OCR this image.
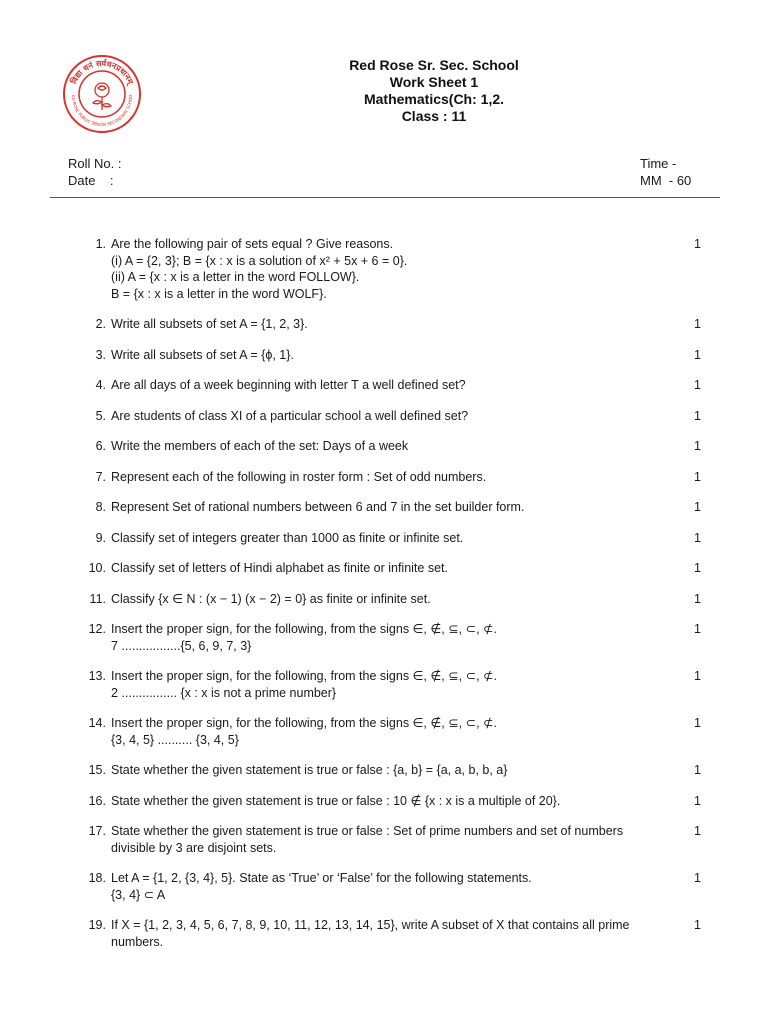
विद्या धनं सर्वधनप्रधानम्
ED ROSE PUBLIC SENIOR SECONDARY SCHOO
Red Rose Sr. Sec. School
Work Sheet 1
Mathematics(Ch: 1,2.
Class : 11
Roll No. :
Date    :
Time -
MM  - 60
1. Are the following pair of sets equal ? Give reasons.
(i) A = {2, 3}; B = {x : x is a solution of x² + 5x + 6 = 0}.
(ii) A = {x : x is a letter in the word FOLLOW}.
B = {x : x is a letter in the word WOLF}.
1
2. Write all subsets of set A = {1, 2, 3}.	1
3. Write all subsets of set A = {ϕ, 1}.	1
4. Are all days of a week beginning with letter T a well defined set?	1
5. Are students of class XI of a particular school a well defined set?	1
6. Write the members of each of the set: Days of a week	1
7. Represent each of the following in roster form : Set of odd numbers.	1
8. Represent Set of rational numbers between 6 and 7 in the set builder form.	1
9. Classify set of integers greater than 1000 as finite or infinite set.	1
10. Classify set of letters of Hindi alphabet as finite or infinite set.	1
11. Classify {x ∈ N : (x − 1) (x − 2) = 0} as finite or infinite set.	1
12. Insert the proper sign, for the following, from the signs ∈, ∉, ⊆, ⊂, ⊄.
7 .................{5, 6, 9, 7, 3}
1
13. Insert the proper sign, for the following, from the signs ∈, ∉, ⊆, ⊂, ⊄.
2 ................ {x : x is not a prime number}
1
14. Insert the proper sign, for the following, from the signs ∈, ∉, ⊆, ⊂, ⊄.
{3, 4, 5} .......... {3, 4, 5}
1
15. State whether the given statement is true or false : {a, b} = {a, a, b, b, a}	1
16. State whether the given statement is true or false : 10 ∉ {x : x is a multiple of 20}.	1
17. State whether the given statement is true or false : Set of prime numbers and set of numbers
divisible by 3 are disjoint sets.
1
18. Let A = {1, 2, {3, 4}, 5}. State as ‘True’ or ‘False’ for the following statements.
{3, 4} ⊂ A
1
19. If X = {1, 2, 3, 4, 5, 6, 7, 8, 9, 10, 11, 12, 13, 14, 15}, write A subset of X that contains all prime
numbers.
1
